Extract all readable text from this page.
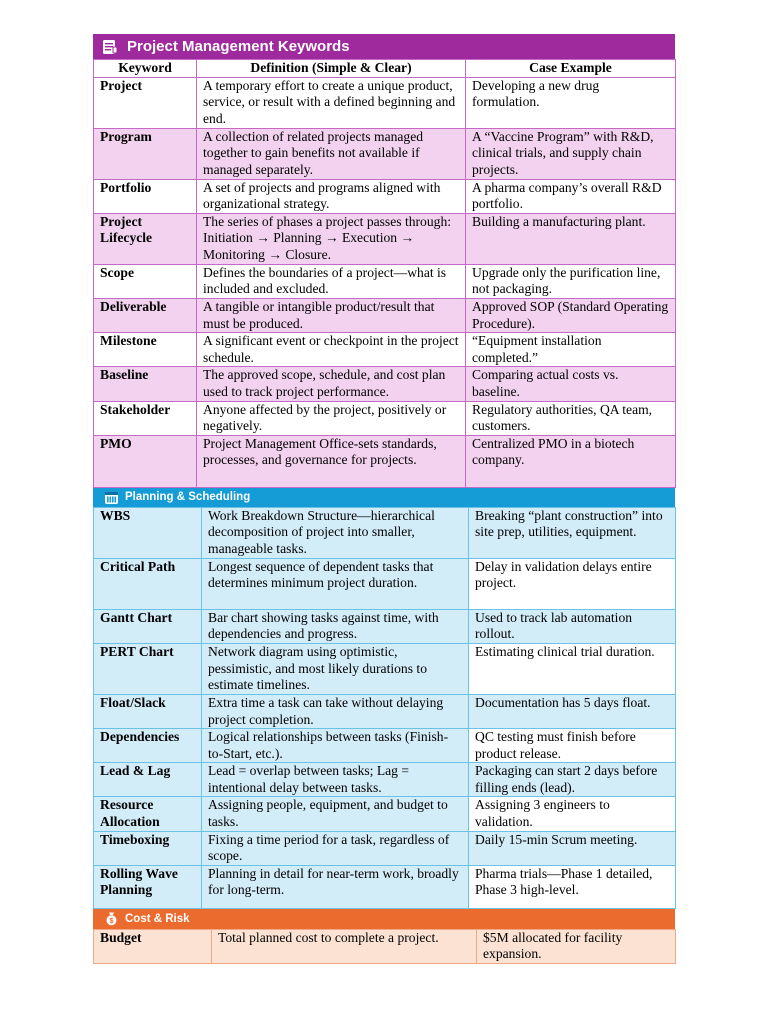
Project Management Keywords
Keyword	Definition (Simple & Clear)	Case Example
Project	A temporary effort to create a unique product, service, or result with a defined beginning and end.	Developing a new drug formulation.
Program	A collection of related projects managed together to gain benefits not available if managed separately.	A “Vaccine Program” with R&D, clinical trials, and supply chain projects.
Portfolio	A set of projects and programs aligned with organizational strategy.	A pharma company’s overall R&D portfolio.
Project Lifecycle	The series of phases a project passes through: Initiation → Planning → Execution → Monitoring → Closure.	Building a manufacturing plant.
Scope	Defines the boundaries of a project—what is included and excluded.	Upgrade only the purification line, not packaging.
Deliverable	A tangible or intangible product/result that must be produced.	Approved SOP (Standard Operating Procedure).
Milestone	A significant event or checkpoint in the project schedule.	“Equipment installation completed.”
Baseline	The approved scope, schedule, and cost plan used to track project performance.	Comparing actual costs vs. baseline.
Stakeholder	Anyone affected by the project, positively or negatively.	Regulatory authorities, QA team, customers.
PMO	Project Management Office-sets standards, processes, and governance for projects.	Centralized PMO in a biotech company.
Planning & Scheduling
WBS	Work Breakdown Structure—hierarchical decomposition of project into smaller, manageable tasks.	Breaking “plant construction” into site prep, utilities, equipment.
Critical Path	Longest sequence of dependent tasks that determines minimum project duration.	Delay in validation delays entire project.
Gantt Chart	Bar chart showing tasks against time, with dependencies and progress.	Used to track lab automation rollout.
PERT Chart	Network diagram using optimistic, pessimistic, and most likely durations to estimate timelines.	Estimating clinical trial duration.
Float/Slack	Extra time a task can take without delaying project completion.	Documentation has 5 days float.
Dependencies	Logical relationships between tasks (Finish-to-Start, etc.).	QC testing must finish before product release.
Lead & Lag	Lead = overlap between tasks; Lag = intentional delay between tasks.	Packaging can start 2 days before filling ends (lead).
Resource Allocation	Assigning people, equipment, and budget to tasks.	Assigning 3 engineers to validation.
Timeboxing	Fixing a time period for a task, regardless of scope.	Daily 15-min Scrum meeting.
Rolling Wave Planning	Planning in detail for near-term work, broadly for long-term.	Pharma trials—Phase 1 detailed, Phase 3 high-level.
$ Cost & Risk
Budget	Total planned cost to complete a project.	$5M allocated for facility expansion.
